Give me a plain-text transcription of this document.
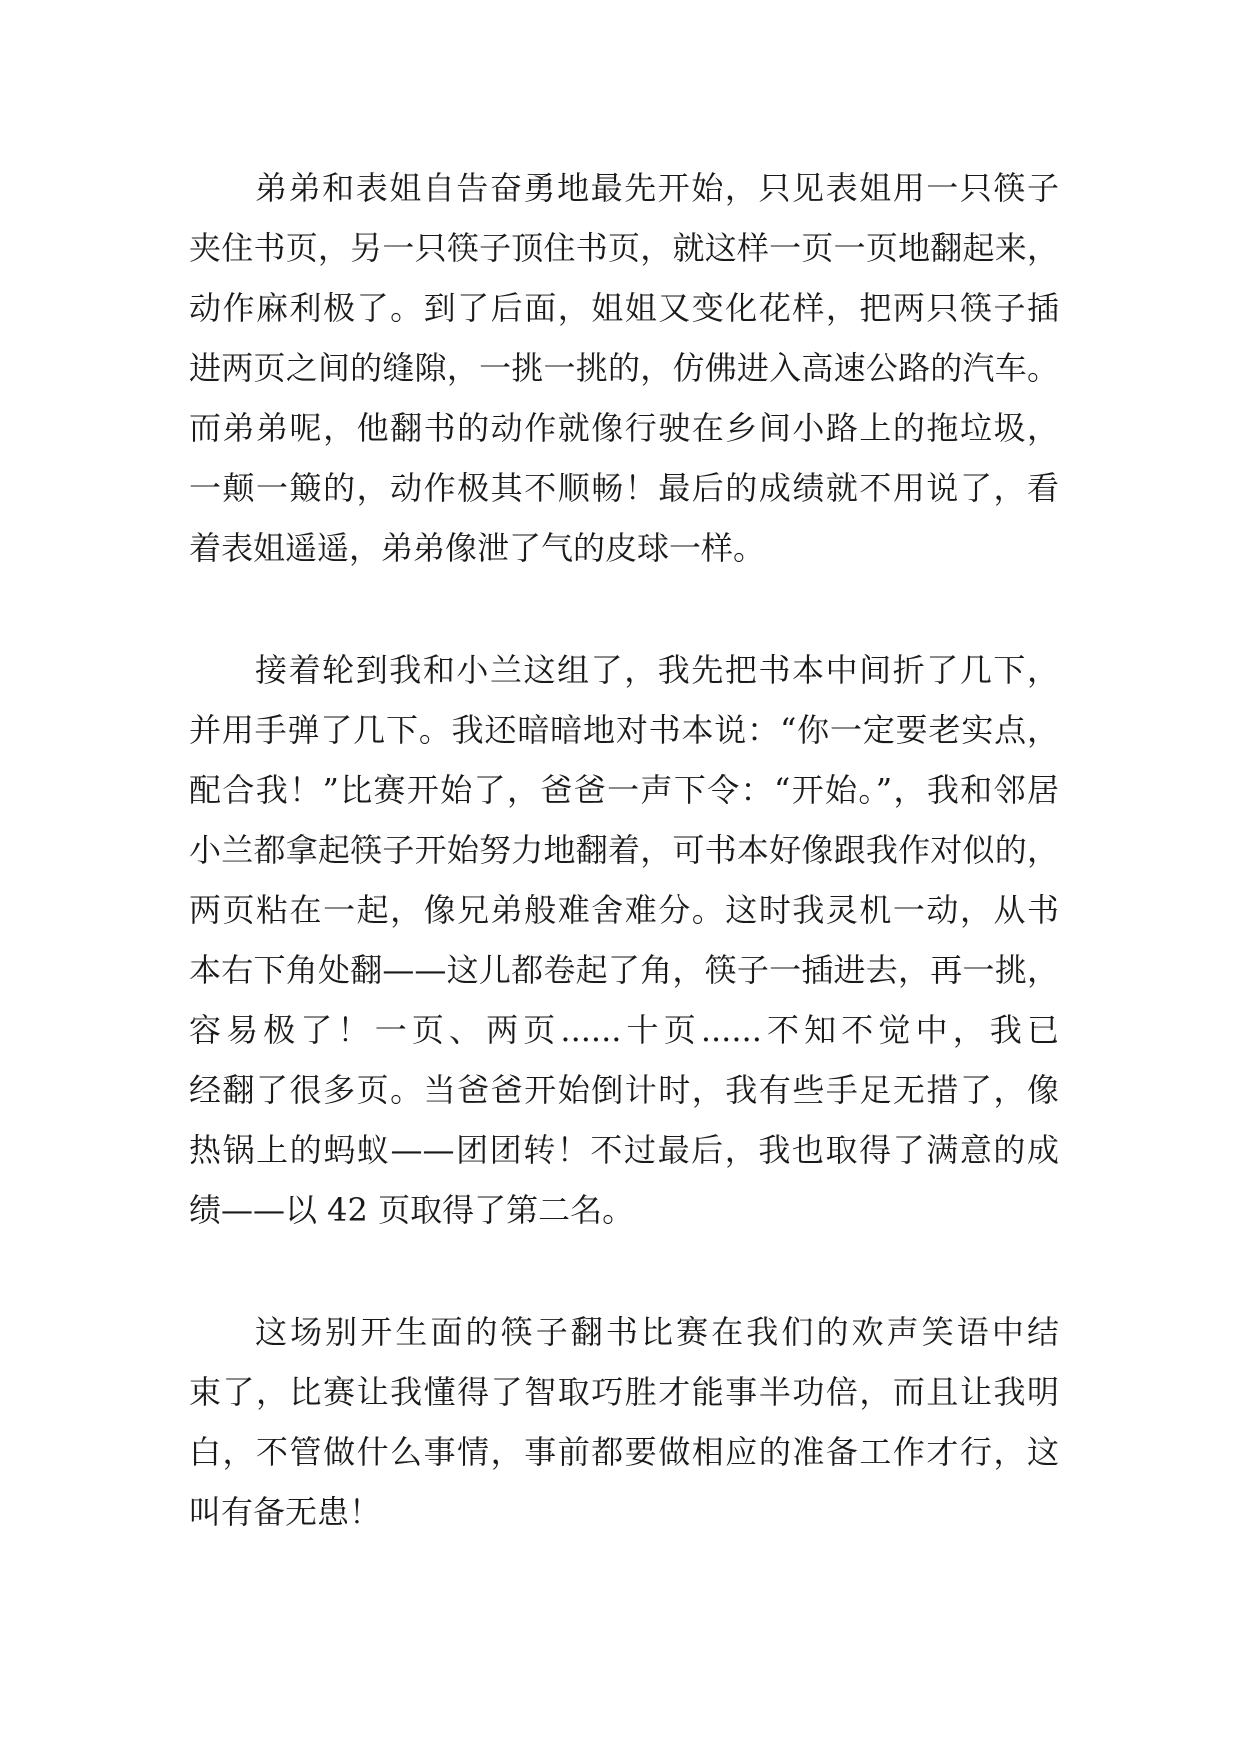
弟弟和表姐自告奋勇地最先开始，只见表姐用一只筷子
夹住书页，另一只筷子顶住书页，就这样一页一页地翻起来，
动作麻利极了。到了后面，姐姐又变化花样，把两只筷子插
进两页之间的缝隙，一挑一挑的，仿佛进入高速公路的汽车。
而弟弟呢，他翻书的动作就像行驶在乡间小路上的拖垃圾，
一颠一簸的，动作极其不顺畅！最后的成绩就不用说了，看
着表姐遥遥，弟弟像泄了气的皮球一样。
接着轮到我和小兰这组了，我先把书本中间折了几下，
并用手弹了几下。我还暗暗地对书本说：“你一定要老实点，
配合我！”比赛开始了，爸爸一声下令：“开始。”，我和邻居
小兰都拿起筷子开始努力地翻着，可书本好像跟我作对似的，
两页粘在一起，像兄弟般难舍难分。这时我灵机一动，从书
本右下角处翻——这儿都卷起了角，筷子一插进去，再一挑，
容易极了！一页、两页......十页......不知不觉中，我已
经翻了很多页。当爸爸开始倒计时，我有些手足无措了，像
热锅上的蚂蚁——团团转！不过最后，我也取得了满意的成
绩——以 42 页取得了第二名。
这场别开生面的筷子翻书比赛在我们的欢声笑语中结
束了，比赛让我懂得了智取巧胜才能事半功倍，而且让我明
白，不管做什么事情，事前都要做相应的准备工作才行，这
叫有备无患！
